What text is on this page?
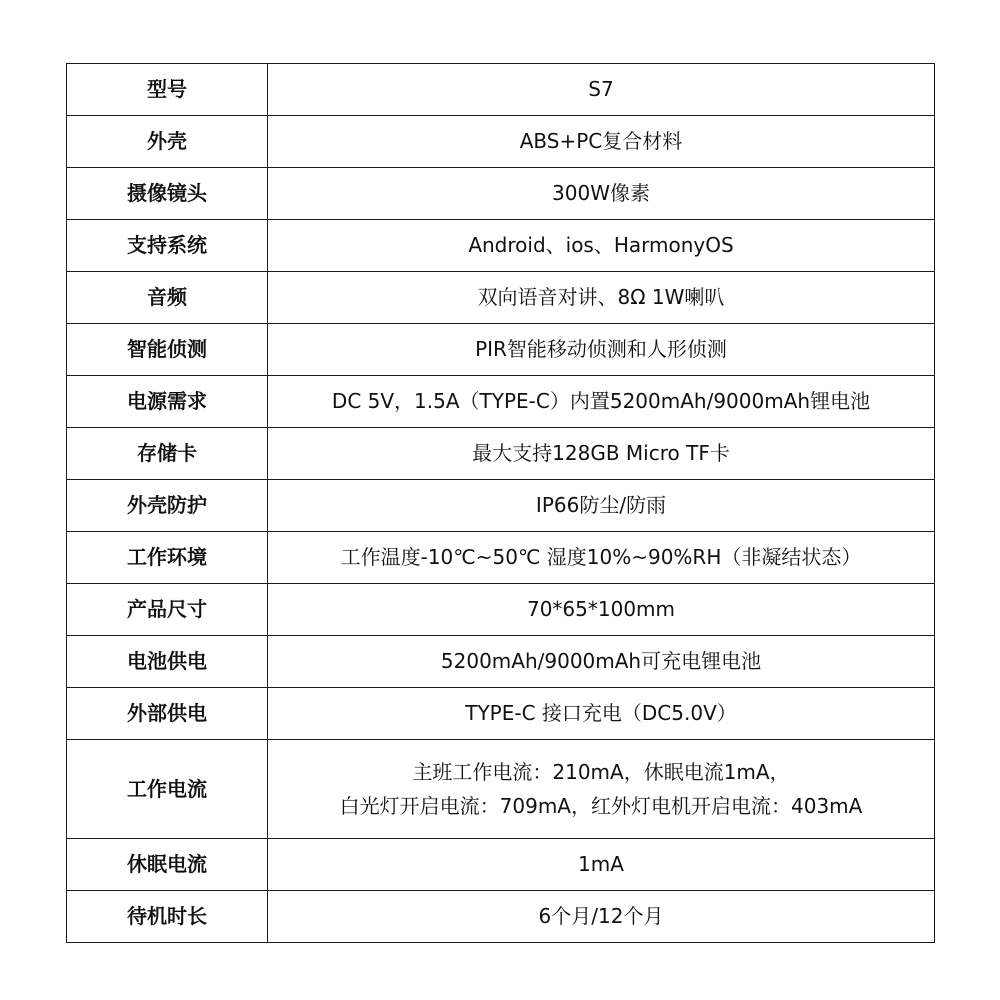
型号	S7
外壳	ABS+PC复合材料
摄像镜头	300W像素
支持系统	Android、ios、HarmonyOS
音频	双向语音对讲、8Ω 1W喇叭
智能侦测	PIR智能移动侦测和人形侦测
电源需求	DC 5V，1.5A（TYPE-C）内置5200mAh/9000mAh锂电池
存储卡	最大支持128GB Micro TF卡
外壳防护	IP66防尘/防雨
工作环境	工作温度-10℃~50℃ 湿度10%~90%RH（非凝结状态）
产品尺寸	70*65*100mm
电池供电	5200mAh/9000mAh可充电锂电池
外部供电	TYPE-C 接口充电（DC5.0V）
工作电流	主班工作电流：210mA，休眠电流1mA，
白光灯开启电流：709mA，红外灯电机开启电流：403mA

休眠电流	1mA
待机时长	6个月/12个月
